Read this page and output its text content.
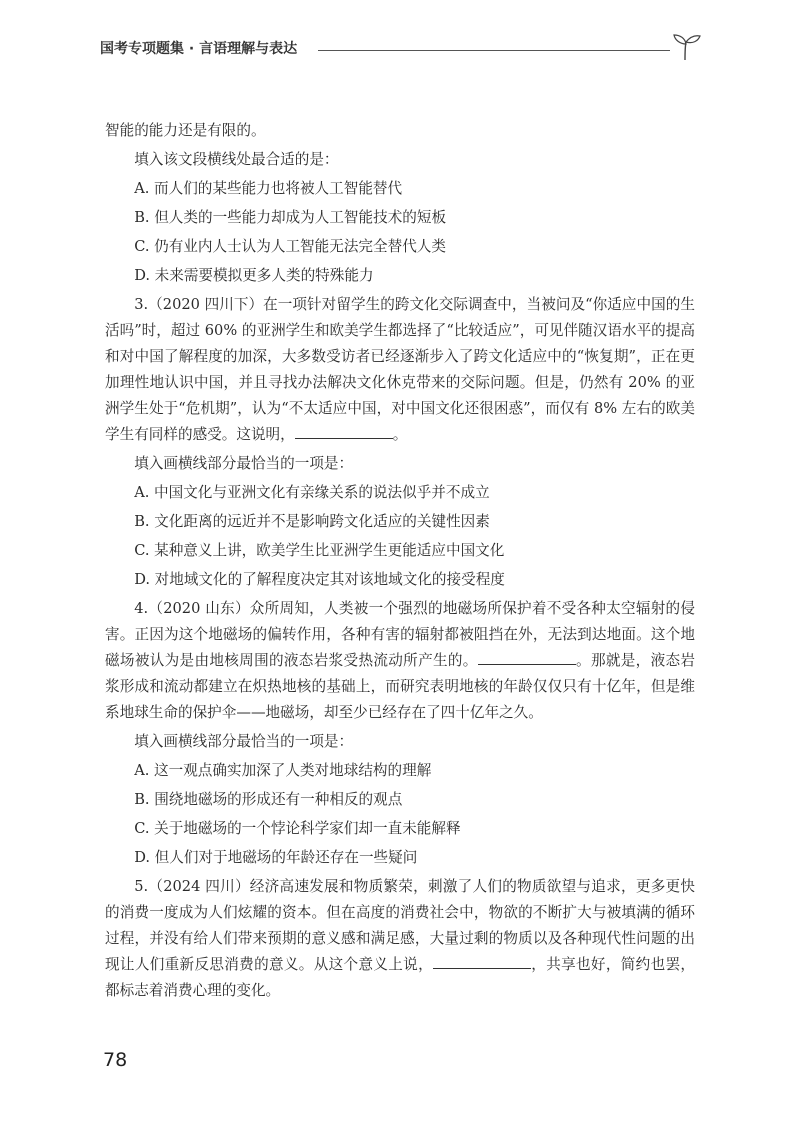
国考专项题集 · 言语理解与表达

智能的能力还是有限的。

填入该文段横线处最合适的是：

A. 而人们的某些能力也将被人工智能替代
B. 但人类的一些能力却成为人工智能技术的短板
C. 仍有业内人士认为人工智能无法完全替代人类
D. 未来需要模拟更多人类的特殊能力

3.（2020 四川下）在一项针对留学生的跨文化交际调查中，当被问及“你适应中国的生活吗”时，超过 60% 的亚洲学生和欧美学生都选择了“比较适应”，可见伴随汉语水平的提高和对中国了解程度的加深，大多数受访者已经逐渐步入了跨文化适应中的“恢复期”，正在更加理性地认识中国，并且寻找办法解决文化休克带来的交际问题。但是，仍然有 20% 的亚洲学生处于“危机期”，认为“不太适应中国，对中国文化还很困惑”，而仅有 8% 左右的欧美学生有同样的感受。这说明，	。

填入画横线部分最恰当的一项是：

A. 中国文化与亚洲文化有亲缘关系的说法似乎并不成立
B. 文化距离的远近并不是影响跨文化适应的关键性因素
C. 某种意义上讲，欧美学生比亚洲学生更能适应中国文化
D. 对地域文化的了解程度决定其对该地域文化的接受程度

4.（2020 山东）众所周知，人类被一个强烈的地磁场所保护着不受各种太空辐射的侵害。正因为这个地磁场的偏转作用，各种有害的辐射都被阻挡在外，无法到达地面。这个地磁场被认为是由地核周围的液态岩浆受热流动所产生的。	。那就是，液态岩浆形成和流动都建立在炽热地核的基础上，而研究表明地核的年龄仅仅只有十亿年，但是维系地球生命的保护伞——地磁场，却至少已经存在了四十亿年之久。

填入画横线部分最恰当的一项是：

A. 这一观点确实加深了人类对地球结构的理解
B. 围绕地磁场的形成还有一种相反的观点
C. 关于地磁场的一个悖论科学家们却一直未能解释
D. 但人们对于地磁场的年龄还存在一些疑问

5.（2024 四川）经济高速发展和物质繁荣，刺激了人们的物质欲望与追求，更多更快的消费一度成为人们炫耀的资本。但在高度的消费社会中，物欲的不断扩大与被填满的循环过程，并没有给人们带来预期的意义感和满足感，大量过剩的物质以及各种现代性问题的出现让人们重新反思消费的意义。从这个意义上说，	，共享也好，简约也罢，都标志着消费心理的变化。

78
